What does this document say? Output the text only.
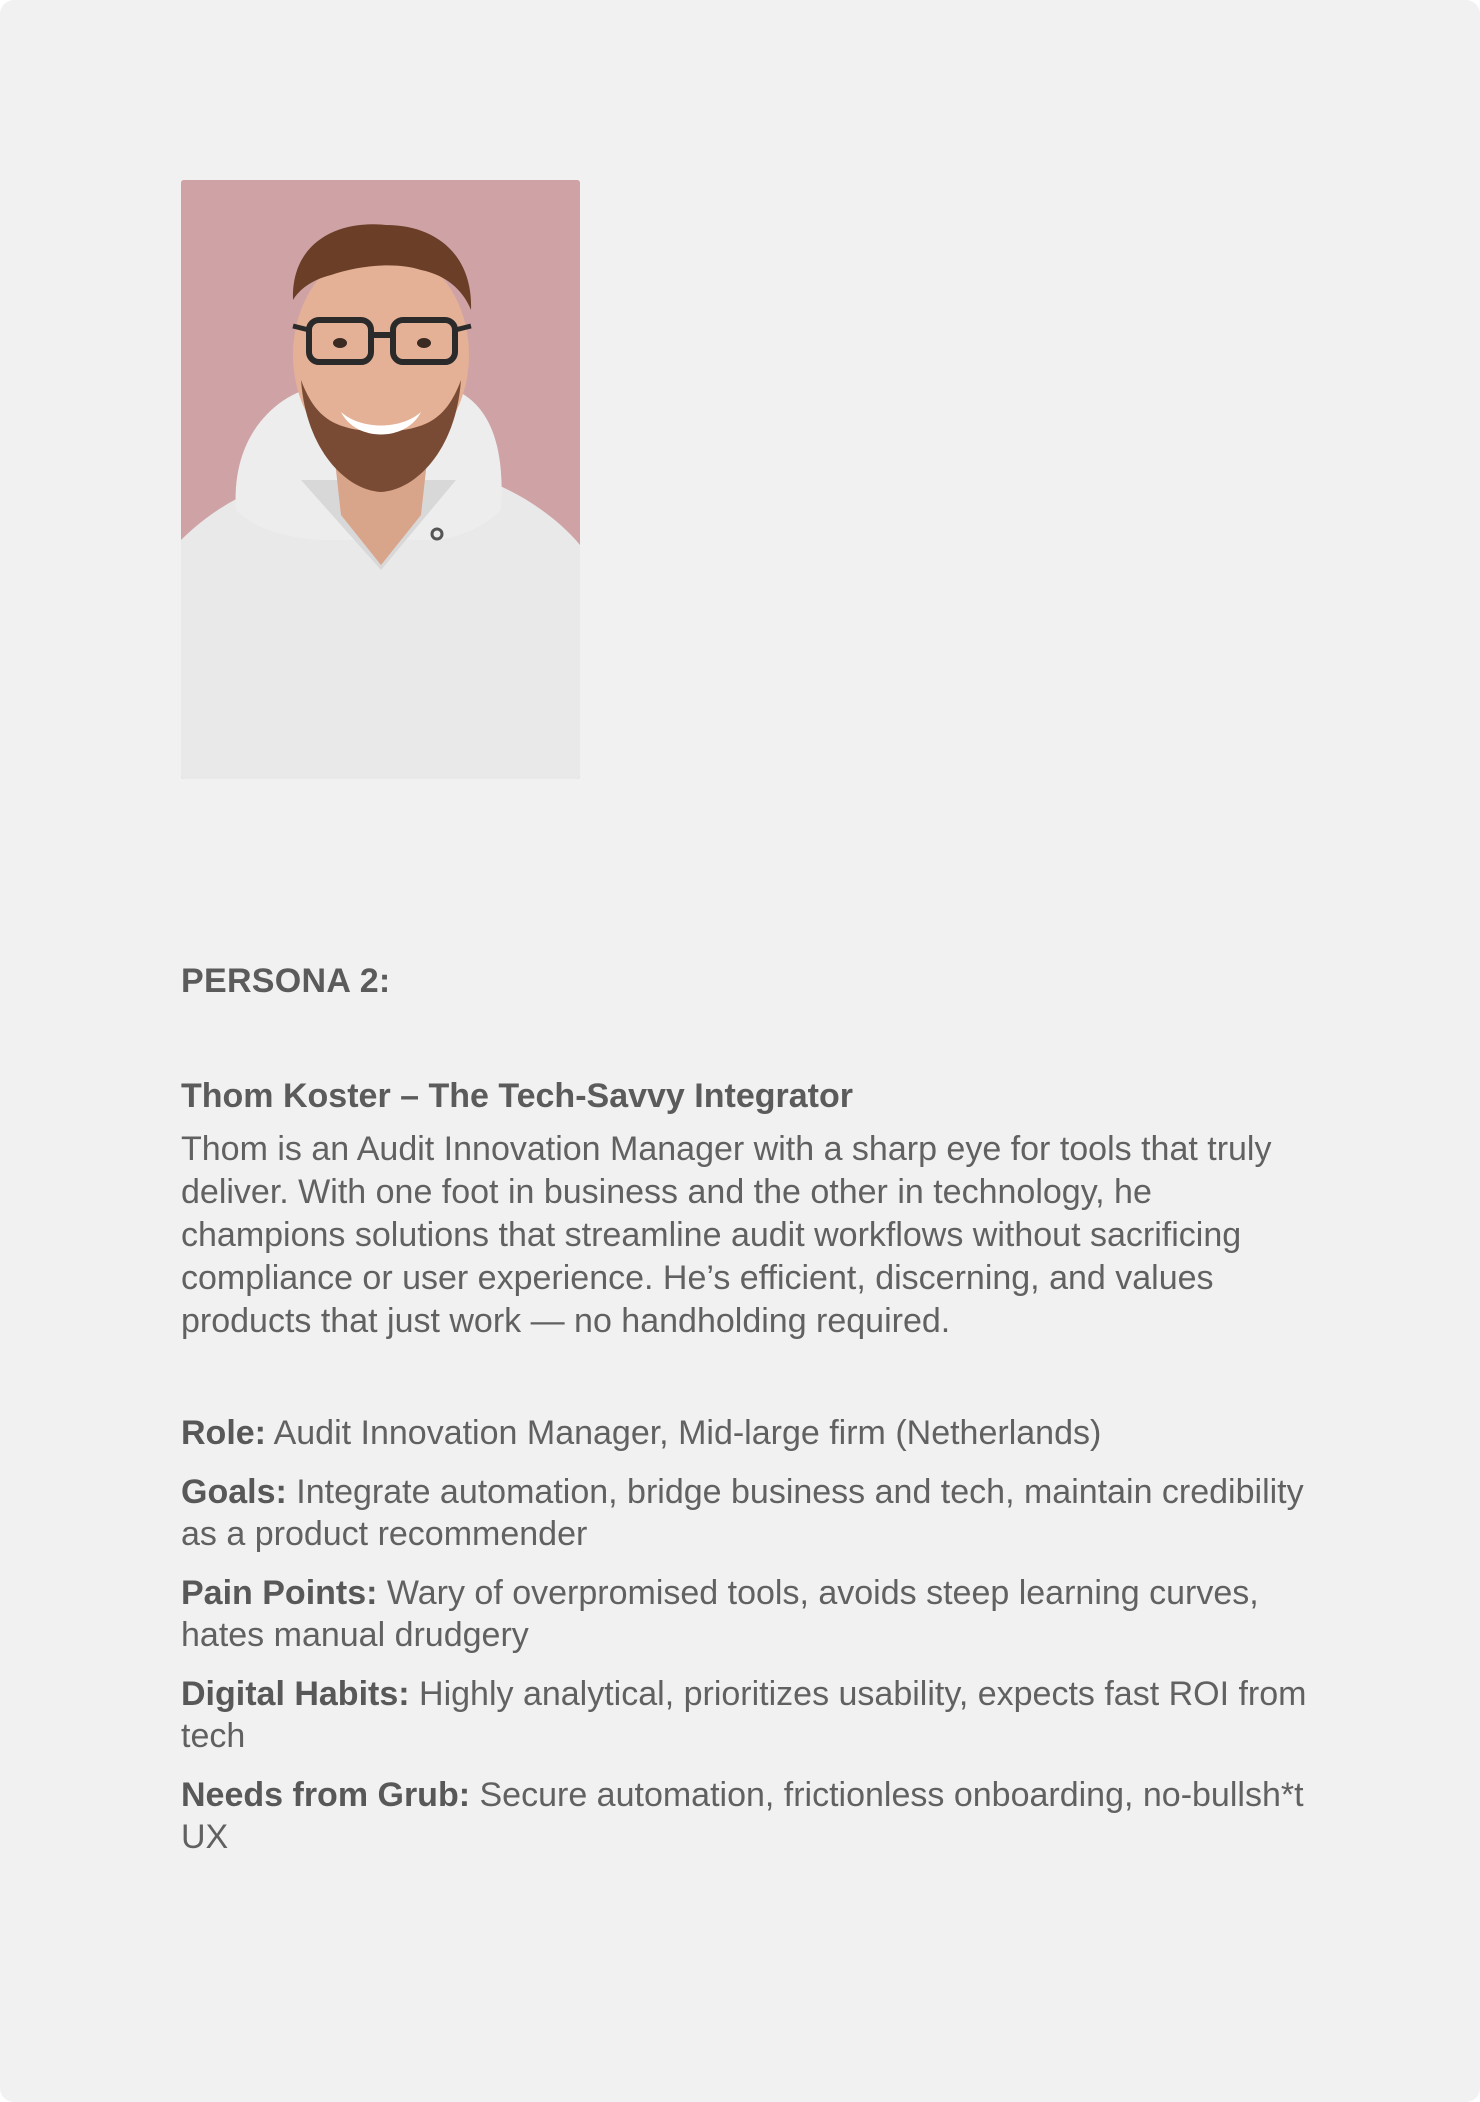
PERSONA 2:

Thom Koster – The Tech-Savvy Integrator

Thom is an Audit Innovation Manager with a sharp eye for tools that truly deliver. With one foot in business and the other in technology, he champions solutions that streamline audit workflows without sacrificing compliance or user experience. He’s efficient, discerning, and values products that just work — no handholding required.

Role: Audit Innovation Manager, Mid-large firm (Netherlands)
Goals: Integrate automation, bridge business and tech, maintain credibility as a product recommender
Pain Points: Wary of overpromised tools, avoids steep learning curves, hates manual drudgery
Digital Habits: Highly analytical, prioritizes usability, expects fast ROI from tech
Needs from Grub: Secure automation, frictionless onboarding, no-bullsh*t UX
